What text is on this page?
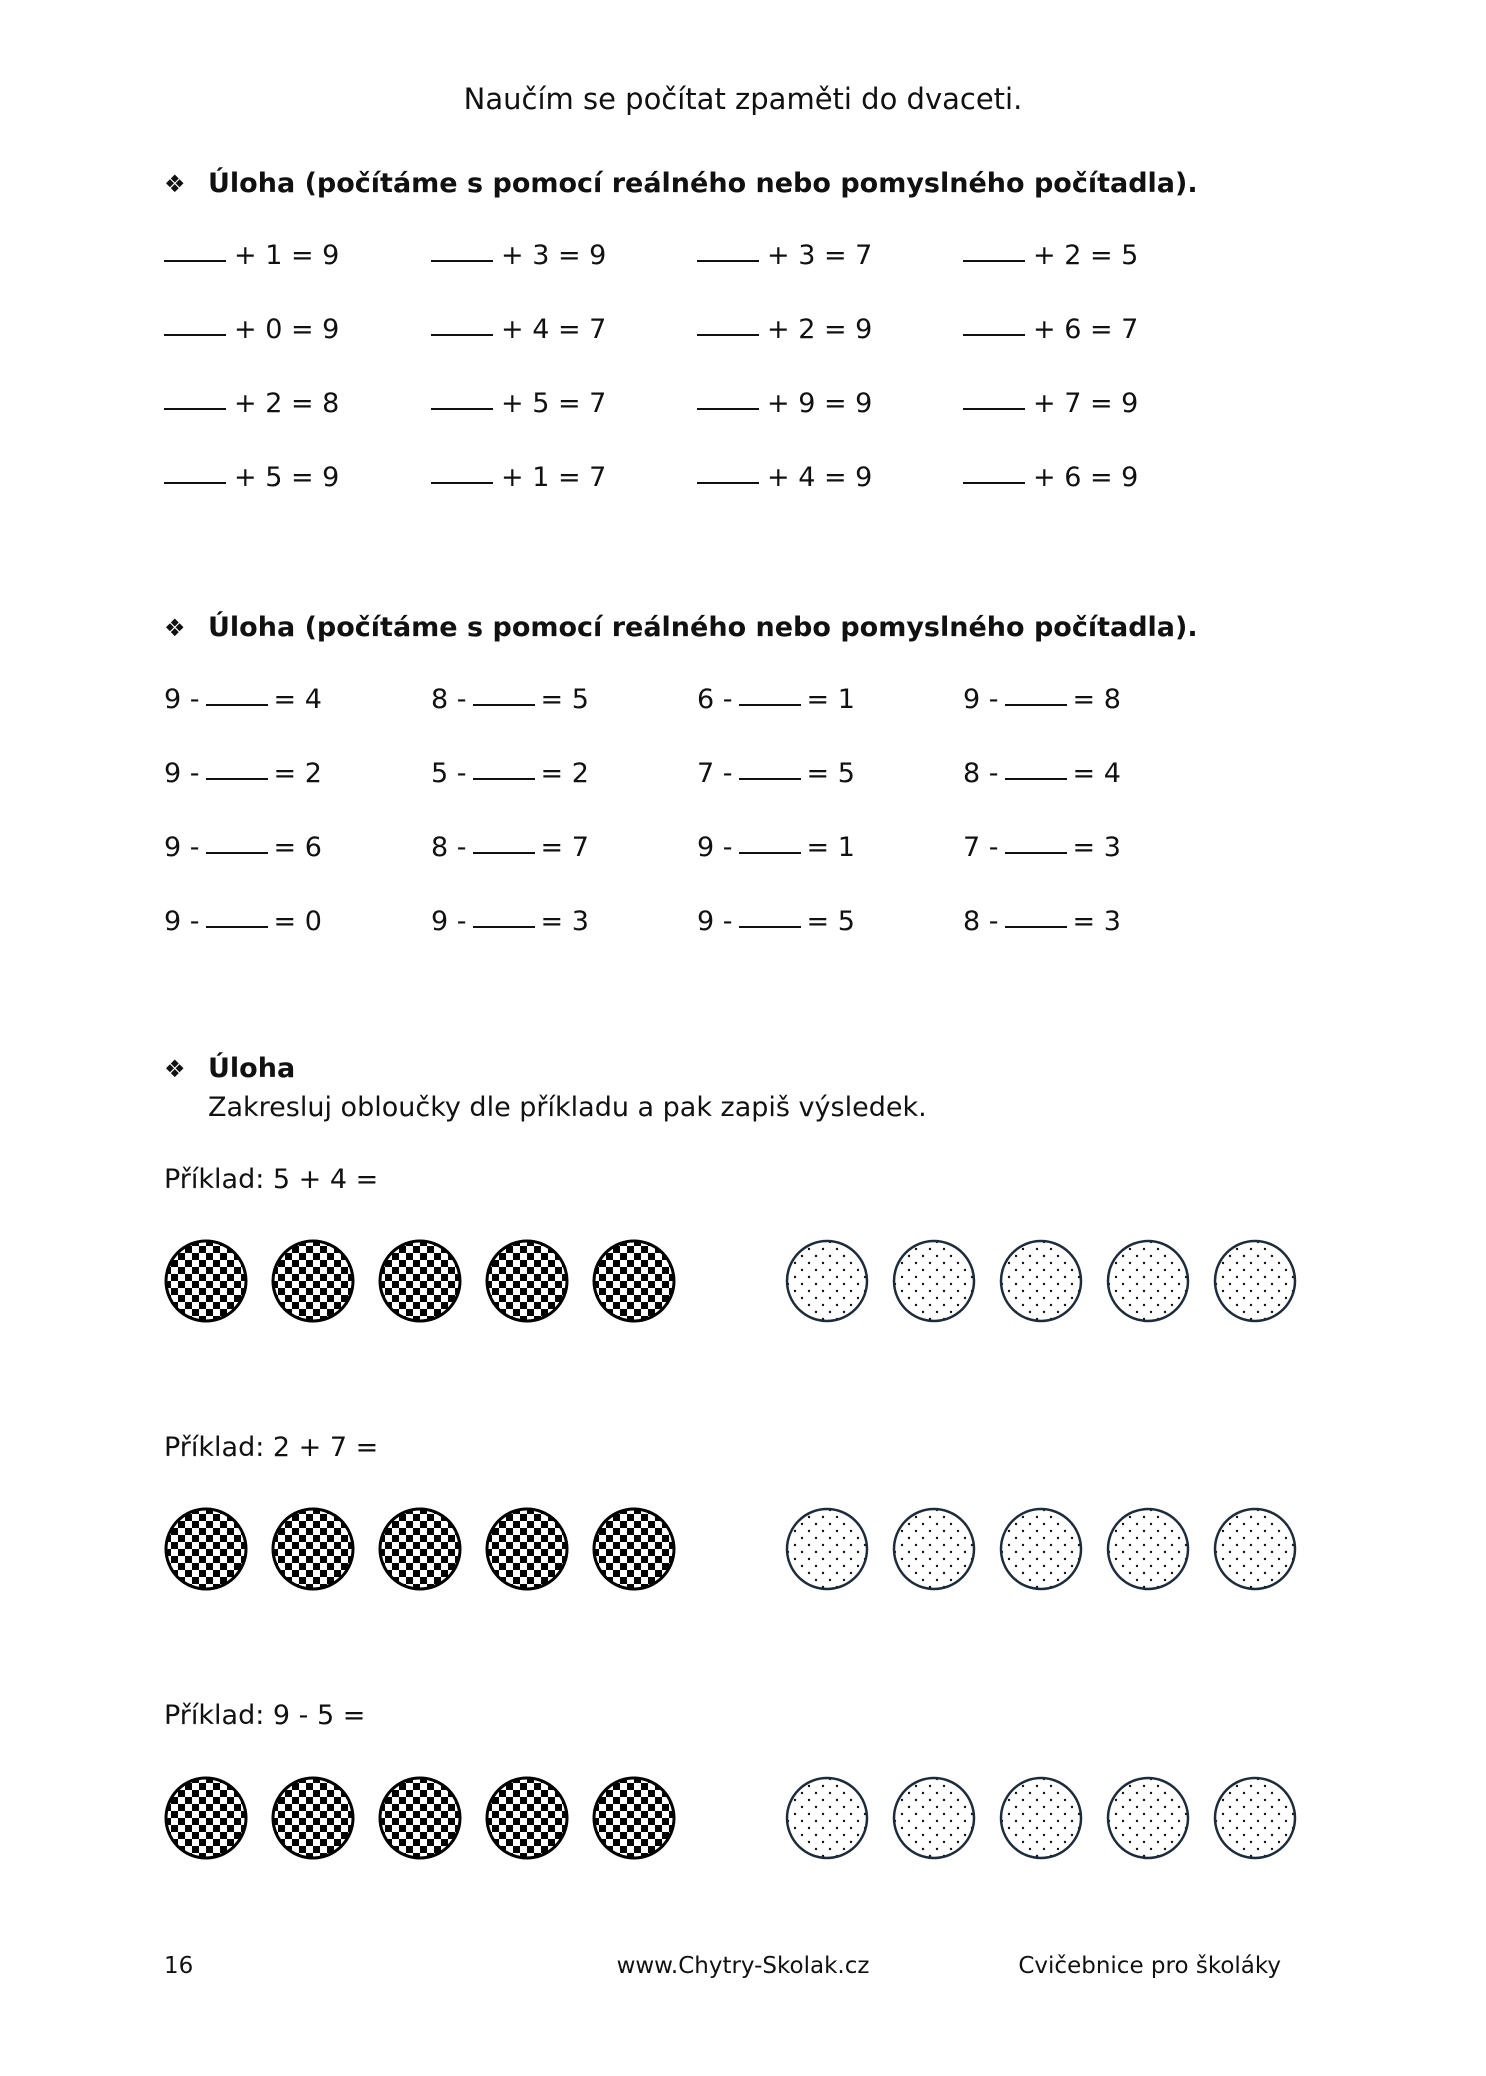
Naučím se počítat zpaměti do dvaceti.
❖ Úloha (počítáme s pomocí reálného nebo pomyslného počítadla).
+ 1 = 9	+ 3 = 9	+ 3 = 7	+ 2 = 5
+ 0 = 9	+ 4 = 7	+ 2 = 9	+ 6 = 7
+ 2 = 8	+ 5 = 7	+ 9 = 9	+ 7 = 9
+ 5 = 9	+ 1 = 7	+ 4 = 9	+ 6 = 9
❖ Úloha (počítáme s pomocí reálného nebo pomyslného počítadla).
9 -	= 4	8 -	= 5	6 -	= 1	9 -	= 8
9 -	= 2	5 -	= 2	7 -	= 5	8 -	= 4
9 -	= 6	8 -	= 7	9 -	= 1	7 -	= 3
9 -	= 0	9 -	= 3	9 -	= 5	8 -	= 3
❖ Úloha
Zakresluj obloučky dle příkladu a pak zapiš výsledek.
Příklad: 5 + 4 =
Příklad: 2 + 7 =
Příklad: 9 - 5 =
16	www.Chytry-Skolak.cz	Cvičebnice pro školáky
